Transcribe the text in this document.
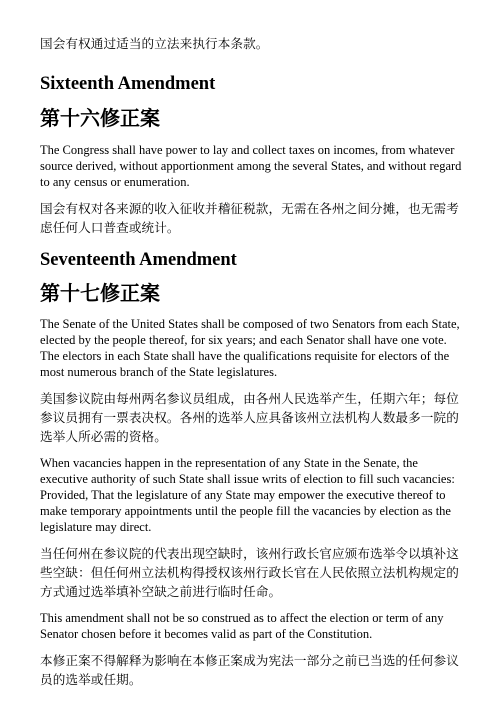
国会有权通过适当的立法来执行本条款。

Sixteenth Amendment
第十六修正案

The Congress shall have power to lay and collect taxes on incomes, from whatever source derived, without apportionment among the several States, and without regard to any census or enumeration.

国会有权对各来源的收入征收并稽征税款，无需在各州之间分摊，也无需考虑任何人口普查或统计。

Seventeenth Amendment
第十七修正案

The Senate of the United States shall be composed of two Senators from each State, elected by the people thereof, for six years; and each Senator shall have one vote. The electors in each State shall have the qualifications requisite for electors of the most numerous branch of the State legislatures.

美国参议院由每州两名参议员组成，由各州人民选举产生，任期六年；每位参议员拥有一票表决权。各州的选举人应具备该州立法机构人数最多一院的选举人所必需的资格。

When vacancies happen in the representation of any State in the Senate, the executive authority of such State shall issue writs of election to fill such vacancies: Provided, That the legislature of any State may empower the executive thereof to make temporary appointments until the people fill the vacancies by election as the legislature may direct.

当任何州在参议院的代表出现空缺时，该州行政长官应颁布选举令以填补这些空缺：但任何州立法机构得授权该州行政长官在人民依照立法机构规定的方式通过选举填补空缺之前进行临时任命。

This amendment shall not be so construed as to affect the election or term of any Senator chosen before it becomes valid as part of the Constitution.

本修正案不得解释为影响在本修正案成为宪法一部分之前已当选的任何参议员的选举或任期。
